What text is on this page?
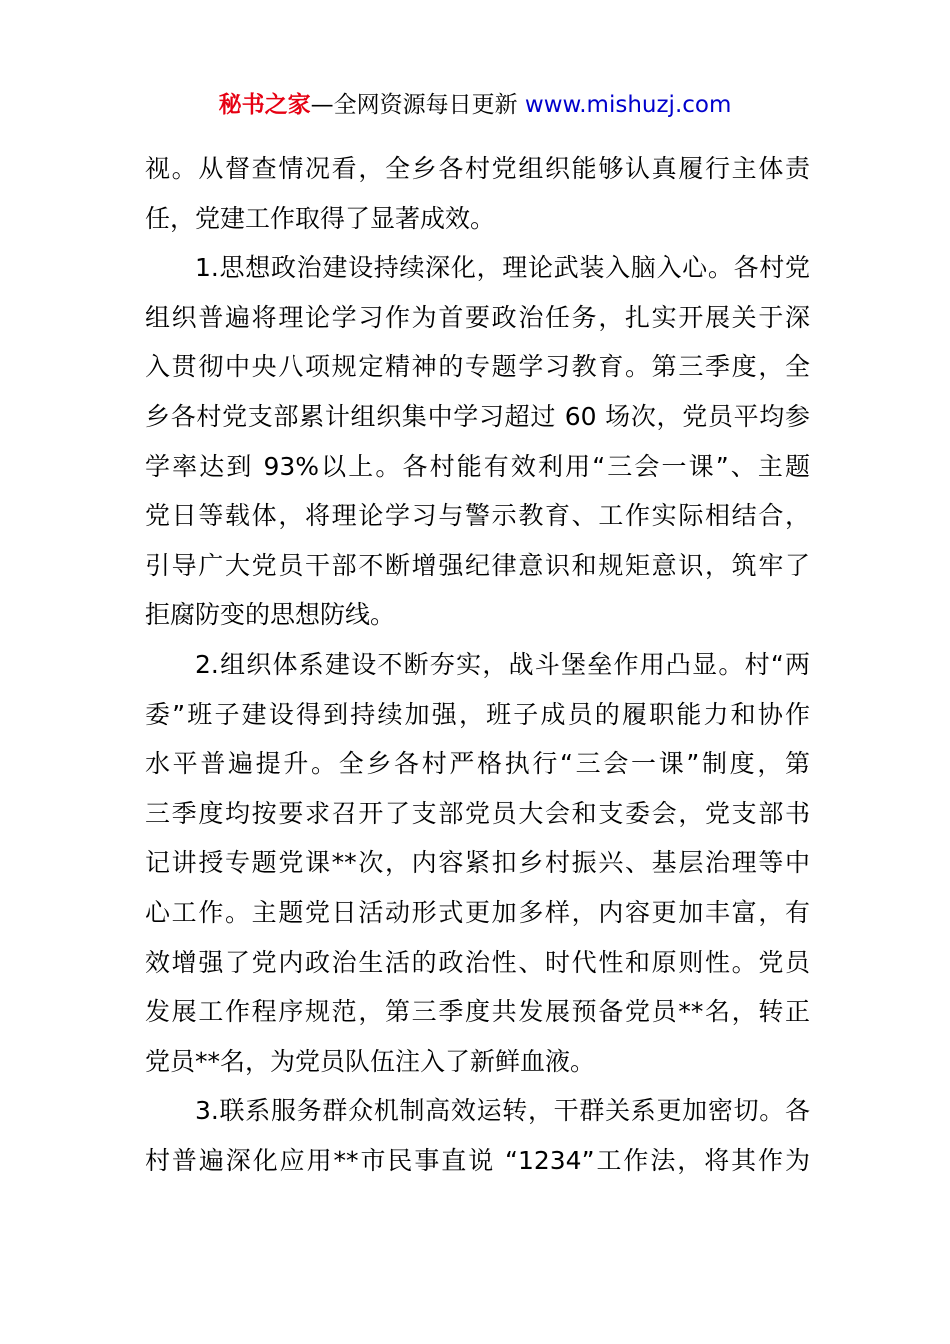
秘书之家—全网资源每日更新 www.mishuzj.com
视。从督查情况看，全乡各村党组织能够认真履行主体责
任，党建工作取得了显著成效。
1.思想政治建设持续深化，理论武装入脑入心。各村党
组织普遍将理论学习作为首要政治任务，扎实开展关于深
入贯彻中央八项规定精神的专题学习教育。第三季度，全
乡各村党支部累计组织集中学习超过 60 场次，党员平均参
学率达到 93%以上。各村能有效利用“三会一课”、主题
党日等载体，将理论学习与警示教育、工作实际相结合，
引导广大党员干部不断增强纪律意识和规矩意识，筑牢了
拒腐防变的思想防线。
2.组织体系建设不断夯实，战斗堡垒作用凸显。村“两
委”班子建设得到持续加强，班子成员的履职能力和协作
水平普遍提升。全乡各村严格执行“三会一课”制度，第
三季度均按要求召开了支部党员大会和支委会，党支部书
记讲授专题党课**次，内容紧扣乡村振兴、基层治理等中
心工作。主题党日活动形式更加多样，内容更加丰富，有
效增强了党内政治生活的政治性、时代性和原则性。党员
发展工作程序规范，第三季度共发展预备党员**名，转正
党员**名，为党员队伍注入了新鲜血液。
3.联系服务群众机制高效运转，干群关系更加密切。各
村普遍深化应用**市民事直说 “1234”工作法，将其作为
